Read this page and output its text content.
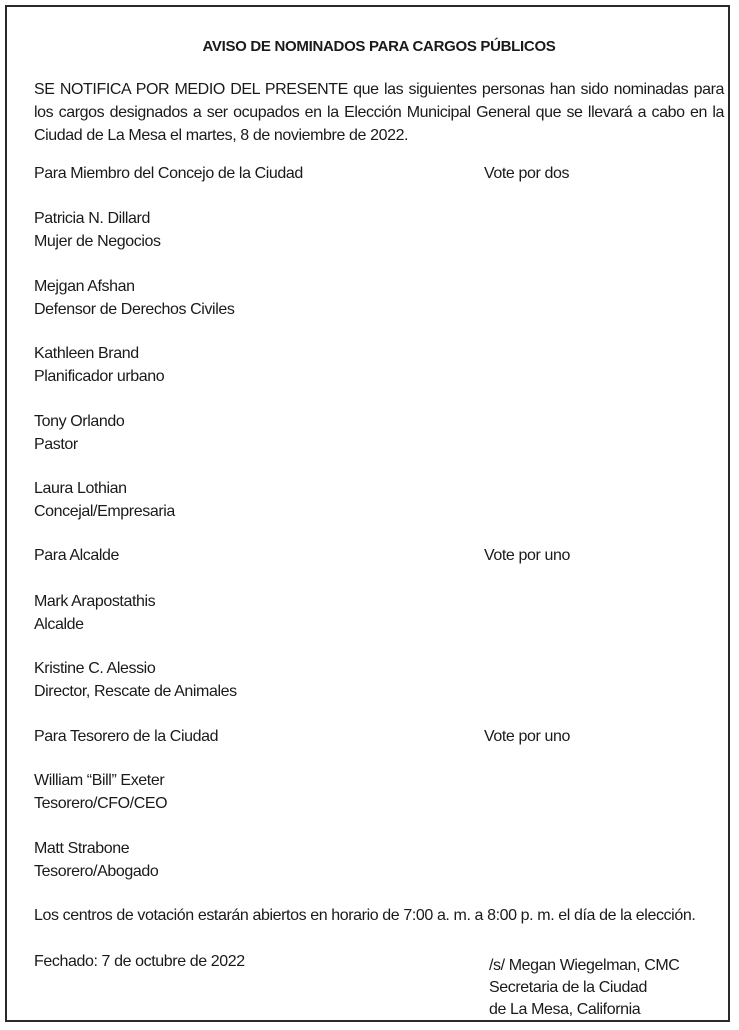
AVISO DE NOMINADOS PARA CARGOS PÚBLICOS
SE NOTIFICA POR MEDIO DEL PRESENTE que las siguientes personas han sido nominadas para los cargos designados a ser ocupados en la Elección Municipal General que se llevará a cabo en la Ciudad de La Mesa el martes, 8 de noviembre de 2022.
Para Miembro del Concejo de la Ciudad	Vote por dos
Patricia N. Dillard
Mujer de Negocios
Mejgan Afshan
Defensor de Derechos Civiles
Kathleen Brand
Planificador urbano
Tony Orlando
Pastor
Laura Lothian
Concejal/Empresaria
Para Alcalde	Vote por uno
Mark Arapostathis
Alcalde
Kristine C. Alessio
Director, Rescate de Animales
Para Tesorero de la Ciudad	Vote por uno
William “Bill” Exeter
Tesorero/CFO/CEO
Matt Strabone
Tesorero/Abogado
Los centros de votación estarán abiertos en horario de 7:00 a. m. a 8:00 p. m. el día de la elección.
Fechado: 7 de octubre de 2022	/s/ Megan Wiegelman, CMC
Secretaria de la Ciudad
de La Mesa, California
